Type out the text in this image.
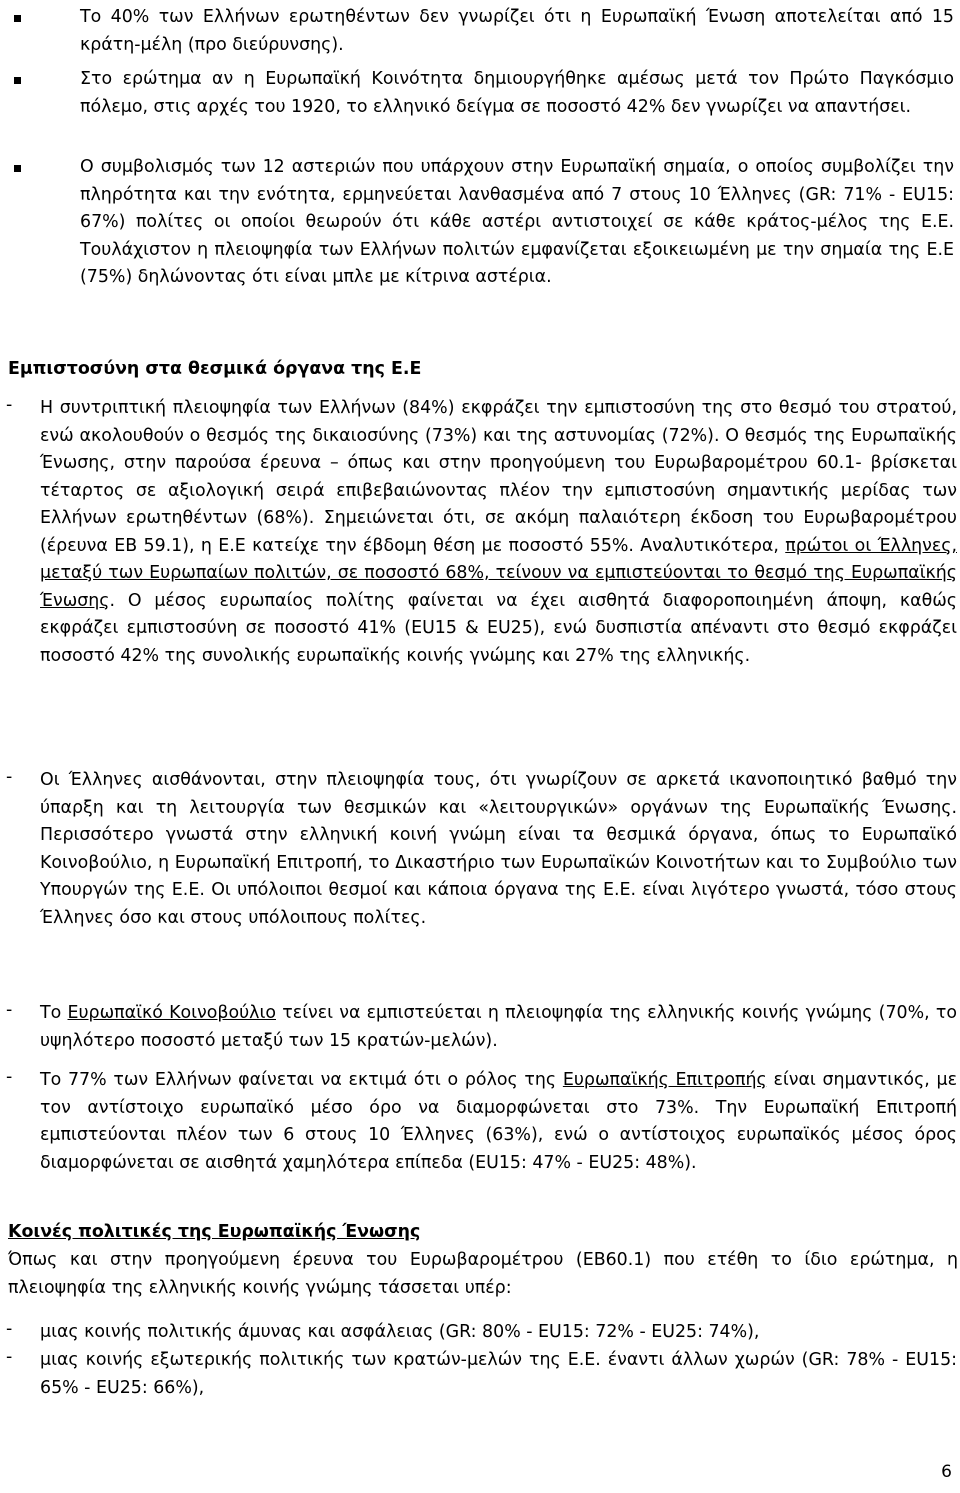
Το 40% των Ελλήνων ερωτηθέντων δεν γνωρίζει ότι η Ευρωπαϊκή Ένωση αποτελείται από 15 κράτη-μέλη (προ διεύρυνσης).
Στο ερώτημα αν η Ευρωπαϊκή Κοινότητα δημιουργήθηκε αμέσως μετά τον Πρώτο Παγκόσμιο πόλεμο, στις αρχές του 1920, το ελληνικό δείγμα σε ποσοστό 42% δεν γνωρίζει να απαντήσει.
Ο συμβολισμός των 12 αστεριών που υπάρχουν στην Ευρωπαϊκή σημαία, ο οποίος συμβολίζει την πληρότητα και την ενότητα, ερμηνεύεται λανθασμένα από 7 στους 10 Έλληνες (GR: 71% - EU15: 67%) πολίτες οι οποίοι θεωρούν ότι κάθε αστέρι αντιστοιχεί σε κάθε κράτος-μέλος της Ε.Ε. Τουλάχιστον η πλειοψηφία των Ελλήνων πολιτών εμφανίζεται εξοικειωμένη με την σημαία της Ε.Ε (75%) δηλώνοντας ότι είναι μπλε με κίτρινα αστέρια.
Εμπιστοσύνη στα θεσμικά όργανα της Ε.Ε
- Η συντριπτική πλειοψηφία των Ελλήνων (84%) εκφράζει την εμπιστοσύνη της στο θεσμό του στρατού, ενώ ακολουθούν ο θεσμός της δικαιοσύνης (73%) και της αστυνομίας (72%). Ο θεσμός της Ευρωπαϊκής Ένωσης, στην παρούσα έρευνα – όπως και στην προηγούμενη του Ευρωβαρομέτρου 60.1- βρίσκεται τέταρτος σε αξιολογική σειρά επιβεβαιώνοντας πλέον την εμπιστοσύνη σημαντικής μερίδας των Ελλήνων ερωτηθέντων (68%). Σημειώνεται ότι, σε ακόμη παλαιότερη έκδοση του Ευρωβαρομέτρου (έρευνα ΕΒ 59.1), η Ε.Ε κατείχε την έβδομη θέση με ποσοστό 55%. Αναλυτικότερα, πρώτοι οι Έλληνες, μεταξύ των Ευρωπαίων πολιτών, σε ποσοστό 68%, τείνουν να εμπιστεύονται το θεσμό της Ευρωπαϊκής Ένωσης. Ο μέσος ευρωπαίος πολίτης φαίνεται να έχει αισθητά διαφοροποιημένη άποψη, καθώς εκφράζει εμπιστοσύνη σε ποσοστό 41% (EU15 & EU25), ενώ δυσπιστία απέναντι στο θεσμό εκφράζει ποσοστό 42% της συνολικής ευρωπαϊκής κοινής γνώμης και 27% της ελληνικής.
- Οι Έλληνες αισθάνονται, στην πλειοψηφία τους, ότι γνωρίζουν σε αρκετά ικανοποιητικό βαθμό την ύπαρξη και τη λειτουργία των θεσμικών και «λειτουργικών» οργάνων της Ευρωπαϊκής Ένωσης. Περισσότερο γνωστά στην ελληνική κοινή γνώμη είναι τα θεσμικά όργανα, όπως το Ευρωπαϊκό Κοινοβούλιο, η Ευρωπαϊκή Επιτροπή, το Δικαστήριο των Ευρωπαϊκών Κοινοτήτων και το Συμβούλιο των Υπουργών της Ε.Ε. Οι υπόλοιποι θεσμοί και κάποια όργανα της Ε.Ε. είναι λιγότερο γνωστά, τόσο στους Έλληνες όσο και στους υπόλοιπους πολίτες.
- Το Ευρωπαϊκό Κοινοβούλιο τείνει να εμπιστεύεται η πλειοψηφία της ελληνικής κοινής γνώμης (70%, το υψηλότερο ποσοστό μεταξύ των 15 κρατών-μελών).
- Το 77% των Ελλήνων φαίνεται να εκτιμά ότι ο ρόλος της Ευρωπαϊκής Επιτροπής είναι σημαντικός, με τον αντίστοιχο ευρωπαϊκό μέσο όρο να διαμορφώνεται στο 73%. Την Ευρωπαϊκή Επιτροπή εμπιστεύονται πλέον των 6 στους 10 Έλληνες (63%), ενώ ο αντίστοιχος ευρωπαϊκός μέσος όρος διαμορφώνεται σε αισθητά χαμηλότερα επίπεδα (EU15: 47% - EU25: 48%).
Κοινές πολιτικές της Ευρωπαϊκής Ένωσης
Όπως και στην προηγούμενη έρευνα του Ευρωβαρομέτρου (ΕΒ60.1) που ετέθη το ίδιο ερώτημα, η πλειοψηφία της ελληνικής κοινής γνώμης τάσσεται υπέρ:
- μιας κοινής πολιτικής άμυνας και ασφάλειας (GR: 80% - EU15: 72% - EU25: 74%),
- μιας κοινής εξωτερικής πολιτικής των κρατών-μελών της Ε.Ε. έναντι άλλων χωρών (GR: 78% - EU15: 65% - EU25: 66%),
6
